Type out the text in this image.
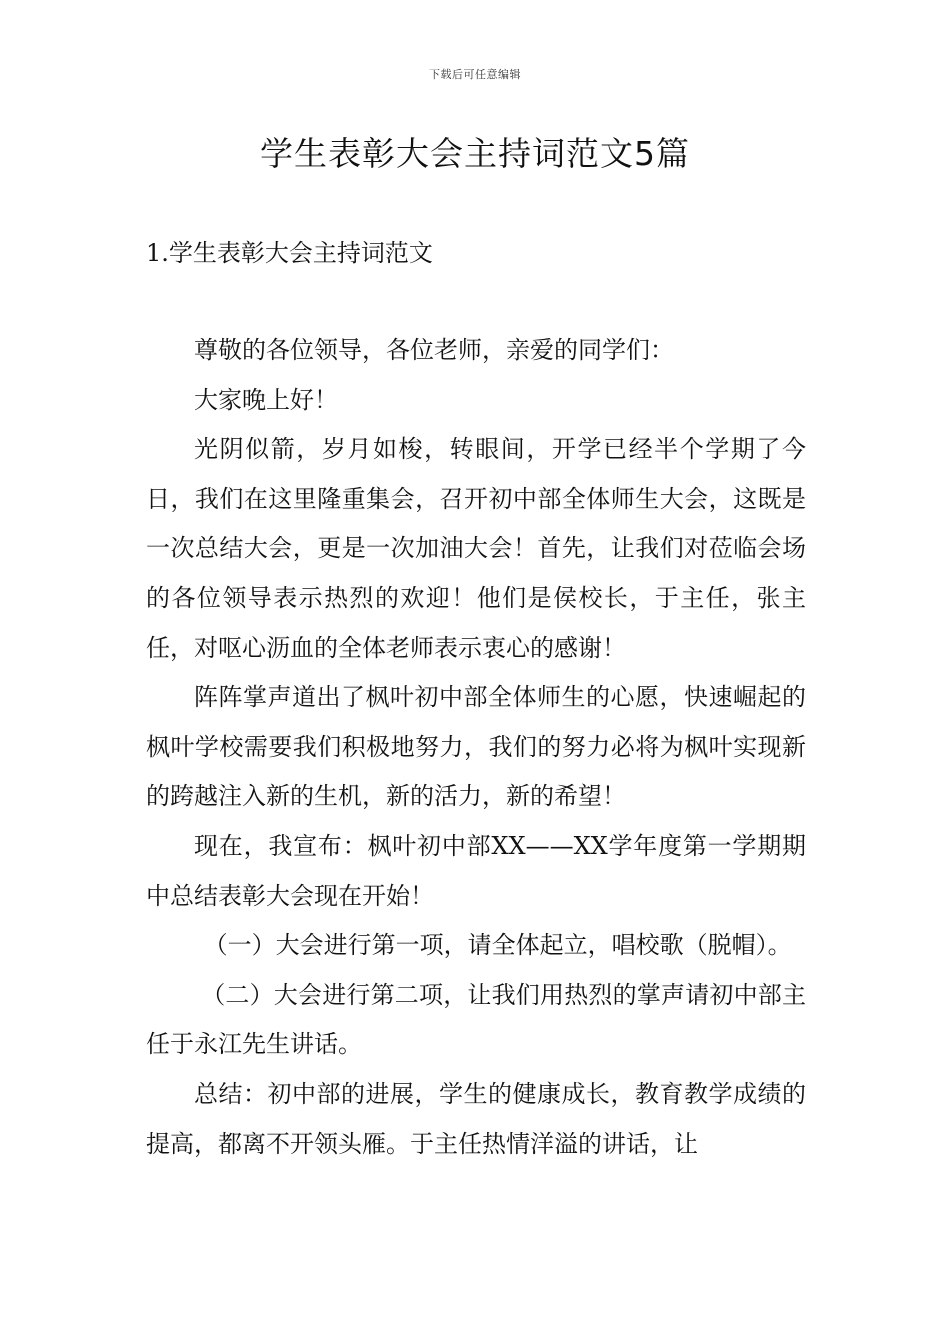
下载后可任意编辑
学生表彰大会主持词范文5篇
1.学生表彰大会主持词范文

尊敬的各位领导，各位老师，亲爱的同学们：

大家晚上好！

光阴似箭，岁月如梭，转眼间，开学已经半个学期了今日，我们在这里隆重集会，召开初中部全体师生大会，这既是一次总结大会，更是一次加油大会！首先，让我们对莅临会场的各位领导表示热烈的欢迎！他们是侯校长，于主任，张主任，对呕心沥血的全体老师表示衷心的感谢！

阵阵掌声道出了枫叶初中部全体师生的心愿，快速崛起的枫叶学校需要我们积极地努力，我们的努力必将为枫叶实现新的跨越注入新的生机，新的活力，新的希望！

现在，我宣布：枫叶初中部XX——XX学年度第一学期期中总结表彰大会现在开始！

（一）大会进行第一项，请全体起立，唱校歌（脱帽）。

（二）大会进行第二项，让我们用热烈的掌声请初中部主任于永江先生讲话。

总结：初中部的进展，学生的健康成长，教育教学成绩的提高，都离不开领头雁。于主任热情洋溢的讲话，让
